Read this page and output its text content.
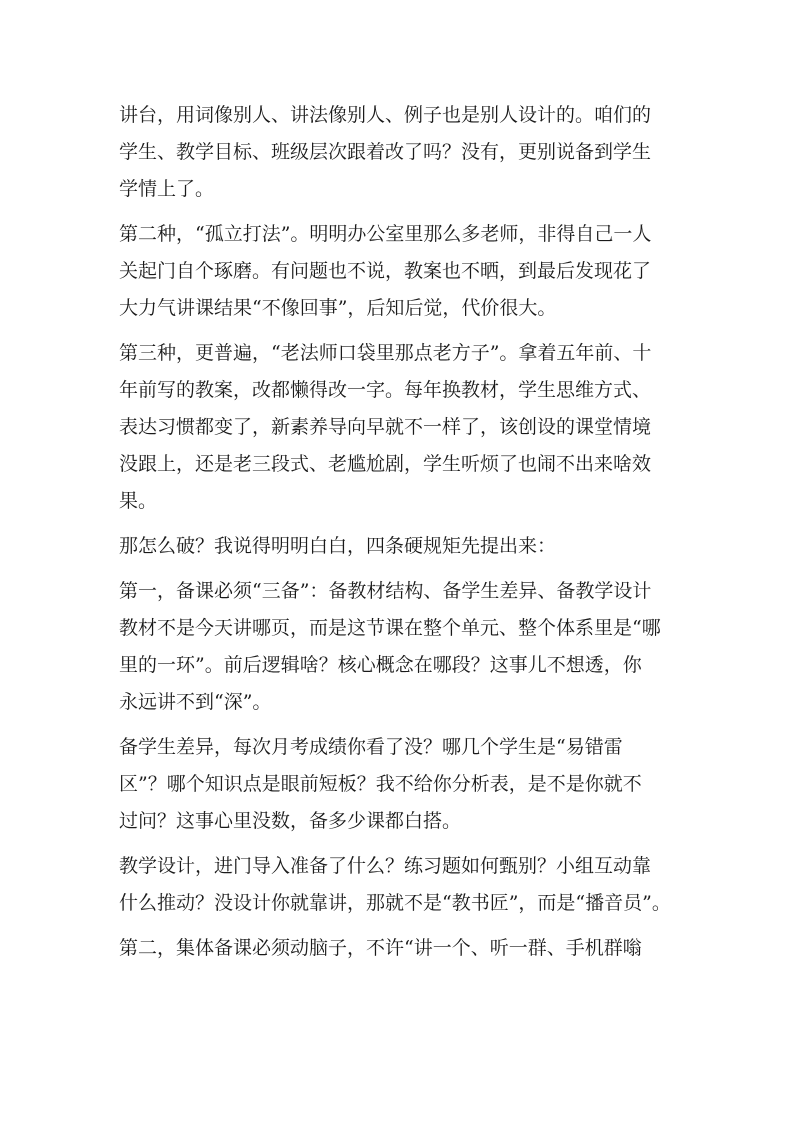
讲台，用词像别人、讲法像别人、例子也是别人设计的。咱们的
学生、教学目标、班级层次跟着改了吗？没有，更别说备到学生
学情上了。
第二种，“孤立打法”。明明办公室里那么多老师，非得自己一人
关起门自个琢磨。有问题也不说，教案也不晒，到最后发现花了
大力气讲课结果“不像回事”，后知后觉，代价很大。
第三种，更普遍，“老法师口袋里那点老方子”。拿着五年前、十
年前写的教案，改都懒得改一字。每年换教材，学生思维方式、
表达习惯都变了，新素养导向早就不一样了，该创设的课堂情境
没跟上，还是老三段式、老尴尬剧，学生听烦了也闹不出来啥效
果。
那怎么破？我说得明明白白，四条硬规矩先提出来：
第一，备课必须“三备”：备教材结构、备学生差异、备教学设计
教材不是今天讲哪页，而是这节课在整个单元、整个体系里是“哪
里的一环”。前后逻辑啥？核心概念在哪段？这事儿不想透，你
永远讲不到“深”。
备学生差异，每次月考成绩你看了没？哪几个学生是“易错雷
区”？哪个知识点是眼前短板？我不给你分析表，是不是你就不
过问？这事心里没数，备多少课都白搭。
教学设计，进门导入准备了什么？练习题如何甄别？小组互动靠
什么推动？没设计你就靠讲，那就不是“教书匠”，而是“播音员”。
第二，集体备课必须动脑子，不许“讲一个、听一群、手机群嗡
